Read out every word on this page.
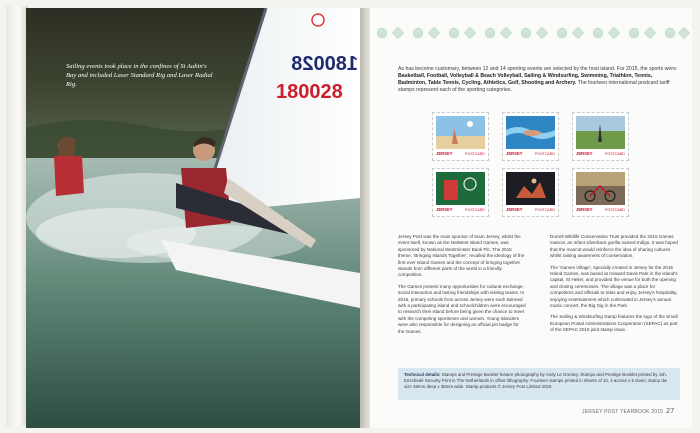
180028
180028
Sailing events took place in the confines of St Aubin's Bay and included Laser Standard Rig and Laser Radial Rig.
As has become customary, between 12 and 14 sporting events are selected by the host island. For 2015, the sports were: Basketball, Football, Volleyball & Beach Volleyball, Sailing & Windsurfing, Swimming, Triathlon, Tennis, Badminton, Table Tennis, Cycling, Athletics, Golf, Shooting and Archery. The fourteen international postcard tariff stamps represent each of the sporting categories.
JERSEY	POSTCARD	JERSEY	POSTCARD	JERSEY	POSTCARD
JERSEY	POSTCARD	JERSEY	POSTCARD	JERSEY	POSTCARD

Jersey Post was the main sponsor of team Jersey, whilst the event itself, known as the NatWest Island Games, was sponsored by National Westminster Bank Plc. The 2015 theme, 'Bringing Islands Together', recalled the ideology of the first ever Island Games and the concept of bringing together islands from different parts of the world in a friendly competition.

The Games present many opportunities for cultural exchange, social interaction and lasting friendships with visiting teams. In 2015, primary schools from across Jersey were each twinned with a participating island and schoolchildren were encouraged to research their island before being given the chance to meet with the competing sportsmen and women. Young islanders were also responsible for designing an official pin badge for the Games.

Durrell Wildlife Conservation Trust provided the 2015 Games mascot, an infant silverback gorilla named Indigo. It was hoped that the mascot would reinforce the idea of sharing cultures whilst raising awareness of conservation.

The 'Games Village', specially created in Jersey for the 2015 Island Games, was based at Howard Davis Park in the island's capital, St Helier, and provided the venue for both the opening and closing ceremonies. The village was a place for competitors and officials to relax and enjoy Jersey's hospitality, enjoying entertainment which culminated in Jersey's annual music concert, the Big Gig in the Park.

The Sailing & Windsurfing stamp features the logo of the Small European Postal Administrations Cooperation (SEPAC) as part of the SEPAC 2015 joint stamp issue.

Technical details: Stamps and Prestige Booklet feature photography by Andy Le Gresley. Stamps and Prestige Booklet printed by Joh. Enschedé Security Print in The Netherlands in offset lithography. Fourteen stamps printed in sheets of 10, 4 across x 5 down; stamp die size 38mm deep x 36mm wide. Stamp products © Jersey Post Limited 2015.
JERSEY POST YEARBOOK 2015 27
